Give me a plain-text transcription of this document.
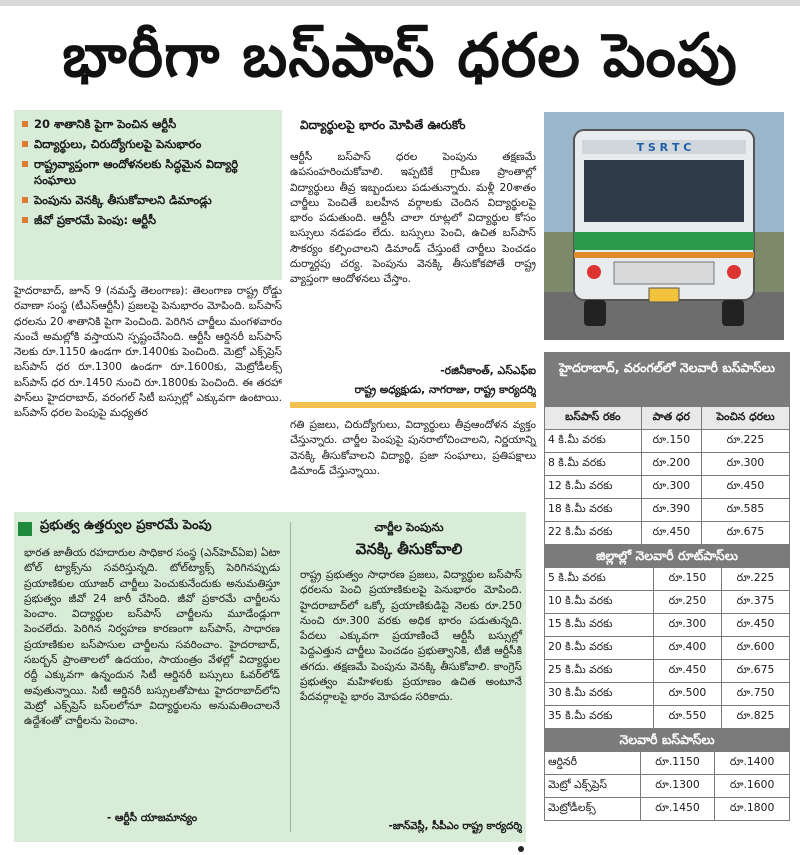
భారీగా బస్‌పాస్ ధరల పెంపు
20 శాతానికి పైగా పెంచిన ఆర్టీసీ
విద్యార్థులు, చిరుద్యోగులపై పెనుభారం
రాష్ట్రవ్యాప్తంగా ఆందోళనలకు సిద్ధమైన విద్యార్థి సంఘాలు
పెంపును వెనక్కి తీసుకోవాలని డిమాండ్లు
జీవో ప్రకారమే పెంపు: ఆర్టీసీ
హైదరాబాద్, జూన్ 9 (నమస్తే తెలంగాణ): తెలంగాణ రాష్ట్ర రోడ్డు రవాణా సంస్థ (టీఎస్ఆర్టీసీ) ప్రజలపై పెనుభారం మోపింది. బస్‌పాస్ ధరలను 20 శాతానికి పైగా పెంచింది. పెరిగిన చార్జీలు మంగళవారం నుంచే అమల్లోకి వస్తాయని స్పష్టంచేసింది. ఆర్టీసీ ఆర్డినరీ బస్‌పాస్ నెలకు రూ.1150 ఉండగా రూ.1400కు పెంచింది. మెట్రో ఎక్స్‌ప్రెస్ బస్‌పాస్ ధర రూ.1300 ఉండగా రూ.1600కు, మెట్రోడీలక్స్ బస్‌పాస్ ధర రూ.1450 నుంచి రూ.1800కు పెంచింది. ఈ తరహా పాస్‌లు హైదరాబాద్, వరంగల్ సిటీ బస్సుల్లో ఎక్కువగా ఉంటాయి. బస్‌పాస్ ధరల పెంపుపై మధ్యతర
విద్యార్థులపై భారం మోపితే ఊరుకోం
ఆర్టీసీ బస్‌పాస్ ధరల పెంపును తక్షణమే ఉపసంహరించుకోవాలి. ఇప్పటికే గ్రామీణ ప్రాంతాల్లో విద్యార్థులు తీవ్ర ఇబ్బందులు పడుతున్నారు. మళ్లీ 20శాతం చార్జీలు పెంచితే బలహీన వర్గాలకు చెందిన విద్యార్థులపై భారం పడుతుంది. ఆర్టీసీ చాలా రూట్లలో విద్యార్థుల కోసం బస్సులు నడపడం లేదు. బస్సులు పెంచి, ఉచిత బస్‌పాస్ సౌకర్యం కల్పించాలని డిమాండ్ చేస్తుంటే చార్జీలు పెంచడం దుర్మార్గపు చర్య. పెంపును వెనక్కి తీసుకోకపోతే రాష్ట్ర వ్యాప్తంగా ఆందోళనలు చేస్తాం.
-రజినీకాంత్, ఎస్ఎఫ్ఐ
రాష్ట్ర అధ్యక్షుడు, నాగరాజు, రాష్ట్ర కార్యదర్శి
గతి ప్రజలు, చిరుద్యోగులు, విద్యార్థులు తీవ్రఆందోళన వ్యక్తం చేస్తున్నారు. చార్జీల పెంపుపై పునరాలోచించాలని, నిర్ణయాన్ని వెనక్కి తీసుకోవాలని విద్యార్థి, ప్రజా సంఘాలు, ప్రతిపక్షాలు డిమాండ్ చేస్తున్నాయి.
T S R T C
ప్రభుత్వ ఉత్తర్వుల ప్రకారమే పెంపు
భారత జాతీయ రహదారుల సాధికార సంస్థ (ఎన్‌హెచ్ఏఐ) ఏటా టోల్ ట్యాక్స్‌ను సవరిస్తున్నది. టోల్‌ట్యాక్స్ పెరిగినప్పుడు ప్రయాణికుల యూజర్ చార్జీలు పెంచుకునేందుకు అనుమతిస్తూ ప్రభుత్వం జీవో 24 జారీ చేసింది. జీవో ప్రకారమే చార్జీలను పెంచాం. విద్యార్థుల బస్‌పాస్ చార్జీలను మూడేండ్లుగా పెంచలేదు. పెరిగిన నిర్వహణ కారణంగా బస్‌పాస్, సాధారణ ప్రయాణికుల బస్‌పాసుల చార్జీలను సవరించాం. హైదరాబాద్, సబర్బన్ ప్రాంతాలలో ఉదయం, సాయంత్రం వేళల్లో విద్యార్థుల రద్దీ ఎక్కువగా ఉన్నందున సిటీ ఆర్డినరీ బస్సులు ఓవర్‌లోడ్ అవుతున్నాయి. సిటీ ఆర్డినరీ బస్సులతోపాటు హైదరాబాద్‌లోని మెట్రో ఎక్స్‌ప్రెస్ బస్‌లలోనూ విద్యార్థులను అనుమతించాలనే ఉద్దేశంతో చార్జీలను పెంచాం.
- ఆర్టీసీ యాజమాన్యం
చార్జీల పెంపును
వెనక్కి తీసుకోవాలి
రాష్ట్ర ప్రభుత్వం సాధారణ ప్రజలు, విద్యార్థుల బస్‌పాస్ ధరలను పెంచి ప్రయాణికులపై పెనుభారం మోపింది. హైదరాబాద్‌లో ఒక్కో ప్రయాణికుడిపై నెలకు రూ.250 నుంచి రూ.300 వరకు అధిక భారం పడుతున్నది. పేదలు ఎక్కువగా ప్రయాణించే ఆర్టీసీ బస్సుల్లో పెద్దఎత్తున చార్జీలు పెంచడం ప్రభుత్వానికి, టీజీ ఆర్టీసీకి తగదు. తక్షణమే పెంపును వెనక్కి తీసుకోవాలి. కాంగ్రెస్ ప్రభుత్వం మహిళలకు ప్రయాణం ఉచిత అంటూనే పేదవర్గాలపై భారం మోపడం సరికాదు.
-జాన్‌వెస్లీ, సీపీఎం రాష్ట్ర కార్యదర్శి
హైదరాబాద్, వరంగల్‌లో నెలవారీ బస్‌పాస్‌లు
బస్‌పాస్ రకం	పాత ధర	పెంచిన ధరలు
4 కి.మీ వరకు	రూ.150	రూ.225
8 కి.మీ వరకు	రూ.200	రూ.300
12 కి.మీ వరకు	రూ.300	రూ.450
18 కి.మీ వరకు	రూ.390	రూ.585
22 కి.మీ వరకు	రూ.450	రూ.675
జిల్లాల్లో నెలవారీ రూట్‌పాస్‌లు
5 కి.మీ వరకు	రూ.150	రూ.225
10 కి.మీ వరకు	రూ.250	రూ.375
15 కి.మీ వరకు	రూ.300	రూ.450
20 కి.మీ వరకు	రూ.400	రూ.600
25 కి.మీ వరకు	రూ.450	రూ.675
30 కి.మీ వరకు	రూ.500	రూ.750
35 కి.మీ వరకు	రూ.550	రూ.825
నెలవారీ బస్‌పాస్‌లు
ఆర్డినరీ	రూ.1150	రూ.1400
మెట్రో ఎక్స్‌ప్రెస్	రూ.1300	రూ.1600
మెట్రోడీలక్స్	రూ.1450	రూ.1800
